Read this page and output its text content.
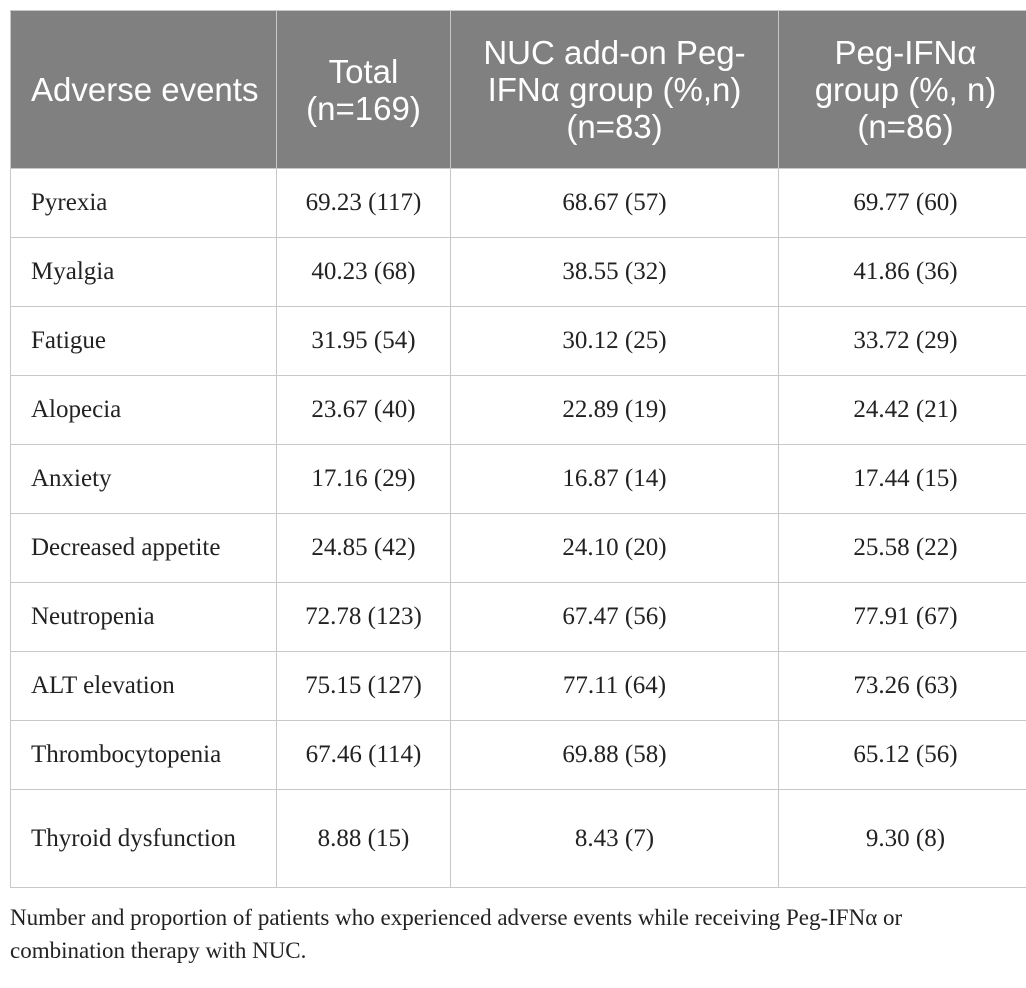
Adverse events	Total (n=169)	NUC add-on Peg-IFNα group (%,n) (n=83)	Peg-IFNα group (%, n) (n=86)
Pyrexia	69.23 (117)	68.67 (57)	69.77 (60)
Myalgia	40.23 (68)	38.55 (32)	41.86 (36)
Fatigue	31.95 (54)	30.12 (25)	33.72 (29)
Alopecia	23.67 (40)	22.89 (19)	24.42 (21)
Anxiety	17.16 (29)	16.87 (14)	17.44 (15)
Decreased appetite	24.85 (42)	24.10 (20)	25.58 (22)
Neutropenia	72.78 (123)	67.47 (56)	77.91 (67)
ALT elevation	75.15 (127)	77.11 (64)	73.26 (63)
Thrombocytopenia	67.46 (114)	69.88 (58)	65.12 (56)
Thyroid dysfunction	8.88 (15)	8.43 (7)	9.30 (8)
Number and proportion of patients who experienced adverse events while receiving Peg-IFNα or combination therapy with NUC.
